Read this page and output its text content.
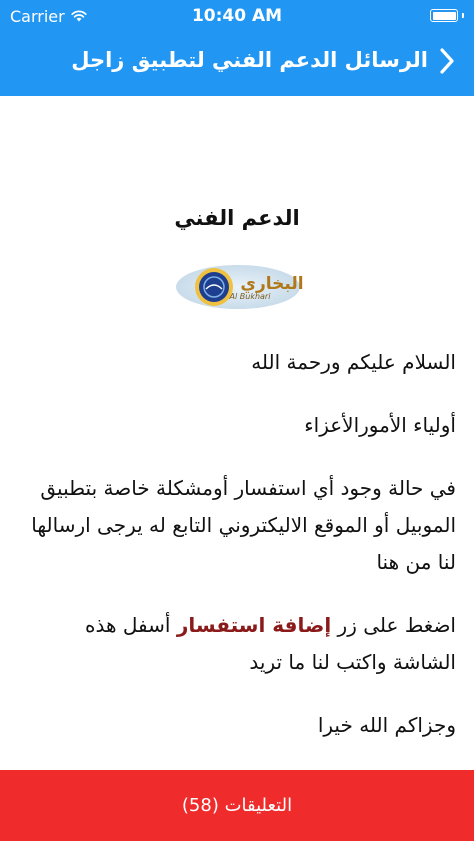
Carrier	10:40 AM
الرسائل الدعم الفني لتطبيق زاجل
الدعم الفني
البخاري
Al Bukhari

السلام عليكم ورحمة الله

أولياء الأمورالأعزاء

في حالة وجود أي استفسار أومشكلة خاصة بتطبيق الموبيل أو الموقع الاليكتروني التابع له يرجى ارسالها لنا من هنا

اضغط على زر إضافة استفسار أسفل هذه الشاشة واكتب لنا ما تريد

وجزاكم الله خيرا

التعليقات (58)
